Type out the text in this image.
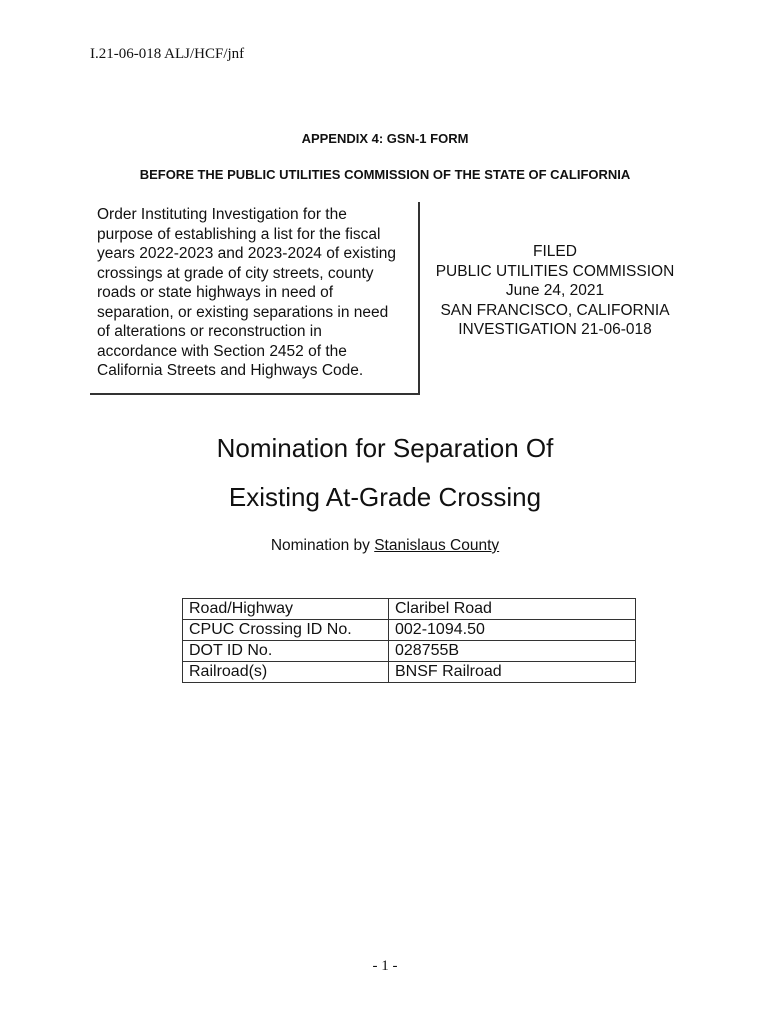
I.21-06-018 ALJ/HCF/jnf
APPENDIX 4: GSN-1 FORM
BEFORE THE PUBLIC UTILITIES COMMISSION OF THE STATE OF CALIFORNIA
Order Instituting Investigation for the
purpose of establishing a list for the fiscal
years 2022-2023 and 2023-2024 of existing
crossings at grade of city streets, county
roads or state highways in need of
separation, or existing separations in need
of alterations or reconstruction in
accordance with Section 2452 of the
California Streets and Highways Code.
FILED
PUBLIC UTILITIES COMMISSION
June 24, 2021
SAN FRANCISCO, CALIFORNIA
INVESTIGATION 21-06-018
Nomination for Separation Of
Existing At-Grade Crossing
Nomination by Stanislaus County
Road/Highway	Claribel Road
CPUC Crossing ID No.	002-1094.50
DOT ID No.	028755B
Railroad(s)	BNSF Railroad
- 1 -
